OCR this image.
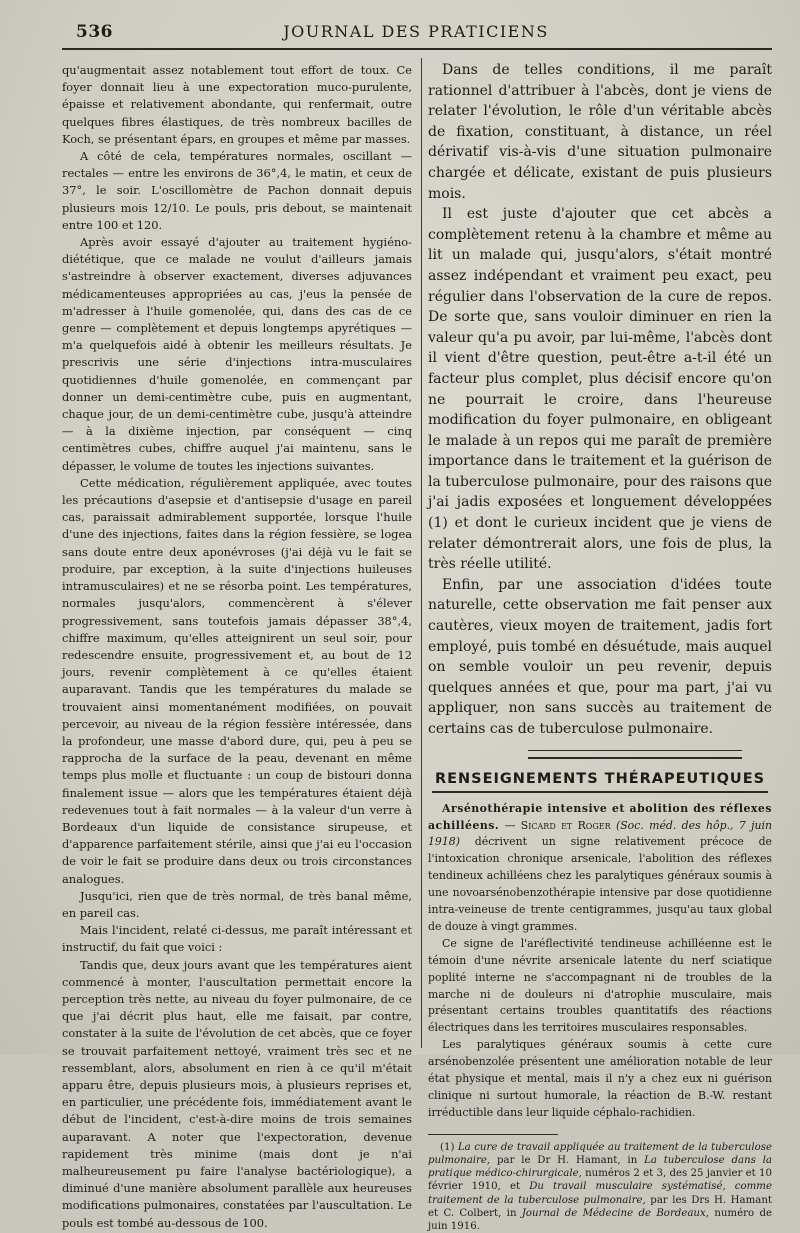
536	JOURNAL DES PRATICIENS

qu'augmentait assez notablement tout effort de toux. Ce foyer donnait lieu à une expectoration muco-purulente, épaisse et relativement abondante, qui renfermait, outre quelques fibres élastiques, de très nombreux bacilles de Koch, se présentant épars, en groupes et même par masses.

A côté de cela, températures normales, oscillant — rectales — entre les environs de 36°,4, le matin, et ceux de 37°, le soir. L'oscillomètre de Pachon donnait depuis plusieurs mois 12/10. Le pouls, pris debout, se maintenait entre 100 et 120.

Après avoir essayé d'ajouter au traitement hygiéno-diététique, que ce malade ne voulut d'ailleurs jamais s'astreindre à observer exactement, diverses adjuvances médicamenteuses appropriées au cas, j'eus la pensée de m'adresser à l'huile gomenolée, qui, dans des cas de ce genre — complètement et depuis longtemps apyrétiques — m'a quelquefois aidé à obtenir les meilleurs résultats. Je prescrivis une série d'injections intra-musculaires quotidiennes d'huile gomenolée, en commençant par donner un demi-centimètre cube, puis en augmentant, chaque jour, de un demi-centimètre cube, jusqu'à atteindre — à la dixième injection, par conséquent — cinq centimètres cubes, chiffre auquel j'ai maintenu, sans le dépasser, le volume de toutes les injections suivantes.

Cette médication, régulièrement appliquée, avec toutes les précautions d'asepsie et d'antisepsie d'usage en pareil cas, paraissait admirablement supportée, lorsque l'huile d'une des injections, faites dans la région fessière, se logea sans doute entre deux aponévroses (j'ai déjà vu le fait se produire, par exception, à la suite d'injections huileuses intramusculaires) et ne se résorba point. Les températures, normales jusqu'alors, commencèrent à s'élever progressivement, sans toutefois jamais dépasser 38°,4, chiffre maximum, qu'elles atteignirent un seul soir, pour redescendre ensuite, progressivement et, au bout de 12 jours, revenir complètement à ce qu'elles étaient auparavant. Tandis que les températures du malade se trouvaient ainsi momentanément modifiées, on pouvait percevoir, au niveau de la région fessière intéressée, dans la profondeur, une masse d'abord dure, qui, peu à peu se rapprocha de la surface de la peau, devenant en même temps plus molle et fluctuante : un coup de bistouri donna finalement issue — alors que les températures étaient déjà redevenues tout à fait normales — à la valeur d'un verre à Bordeaux d'un liquide de consistance sirupeuse, et d'apparence parfaitement stérile, ainsi que j'ai eu l'occasion de voir le fait se produire dans deux ou trois circonstances analogues.

Jusqu'ici, rien que de très normal, de très banal même, en pareil cas.

Mais l'incident, relaté ci-dessus, me paraît intéressant et instructif, du fait que voici :

Tandis que, deux jours avant que les températures aient commencé à monter, l'auscultation permettait encore la perception très nette, au niveau du foyer pulmonaire, de ce que j'ai décrit plus haut, elle me faisait, par contre, constater à la suite de l'évolution de cet abcès, que ce foyer se trouvait parfaitement nettoyé, vraiment très sec et ne ressemblant, alors, absolument en rien à ce qu'il m'était apparu être, depuis plusieurs mois, à plusieurs reprises et, en particulier, une précédente fois, immédiatement avant le début de l'incident, c'est-à-dire moins de trois semaines auparavant. A noter que l'expectoration, devenue rapidement très minime (mais dont je n'ai malheureusement pu faire l'analyse bactériologique), a diminué d'une manière absolument parallèle aux heureuses modifications pulmonaires, constatées par l'auscultation. Le pouls est tombé au-dessous de 100.

Dans de telles conditions, il me paraît rationnel d'attribuer à l'abcès, dont je viens de relater l'évolution, le rôle d'un véritable abcès de fixation, constituant, à distance, un réel dérivatif vis-à-vis d'une situation pulmonaire chargée et délicate, existant de puis plusieurs mois.

Il est juste d'ajouter que cet abcès a complètement retenu à la chambre et même au lit un malade qui, jusqu'alors, s'était montré assez indépendant et vraiment peu exact, peu régulier dans l'observation de la cure de repos. De sorte que, sans vouloir diminuer en rien la valeur qu'a pu avoir, par lui-même, l'abcès dont il vient d'être question, peut-être a-t-il été un facteur plus complet, plus décisif encore qu'on ne pourrait le croire, dans l'heureuse modification du foyer pulmonaire, en obligeant le malade à un repos qui me paraît de première importance dans le traitement et la guérison de la tuberculose pulmonaire, pour des raisons que j'ai jadis exposées et longuement développées (1) et dont le curieux incident que je viens de relater démontrerait alors, une fois de plus, la très réelle utilité.

Enfin, par une association d'idées toute naturelle, cette observation me fait penser aux cautères, vieux moyen de traitement, jadis fort employé, puis tombé en désuétude, mais auquel on semble vouloir un peu revenir, depuis quelques années et que, pour ma part, j'ai vu appliquer, non sans succès au traitement de certains cas de tuberculose pulmonaire.

RENSEIGNEMENTS THÉRAPEUTIQUES

Arsénothérapie intensive et abolition des réflexes achilléens. — Sicard et Roger (Soc. méd. des hôp., 7 juin 1918) décrivent un signe relativement précoce de l'intoxication chronique arsenicale, l'abolition des réflexes tendineux achilléens chez les paralytiques généraux soumis à une novoarsénobenzothérapie intensive par dose quotidienne intra-veineuse de trente centigrammes, jusqu'au taux global de douze à vingt grammes.

Ce signe de l'aréflectivité tendineuse achilléenne est le témoin d'une névrite arsenicale latente du nerf sciatique poplité interne ne s'accompagnant ni de troubles de la marche ni de douleurs ni d'atrophie musculaire, mais présentant certains troubles quantitatifs des réactions électriques dans les territoires musculaires responsables.

Les paralytiques généraux soumis à cette cure arsénobenzolée présentent une amélioration notable de leur état physique et mental, mais il n'y a chez eux ni guérison clinique ni surtout humorale, la réaction de B.-W. restant irréductible dans leur liquide céphalo-rachidien.

(1) La cure de travail appliquée au traitement de la tuberculose pulmonaire, par le Dr H. Hamant, in La tuberculose dans la pratique médico-chirurgicale, numéros 2 et 3, des 25 janvier et 10 février 1910, et Du travail musculaire systématisé, comme traitement de la tuberculose pulmonaire, par les Drs H. Hamant et C. Colbert, in Journal de Médecine de Bordeaux, numéro de juin 1916.
